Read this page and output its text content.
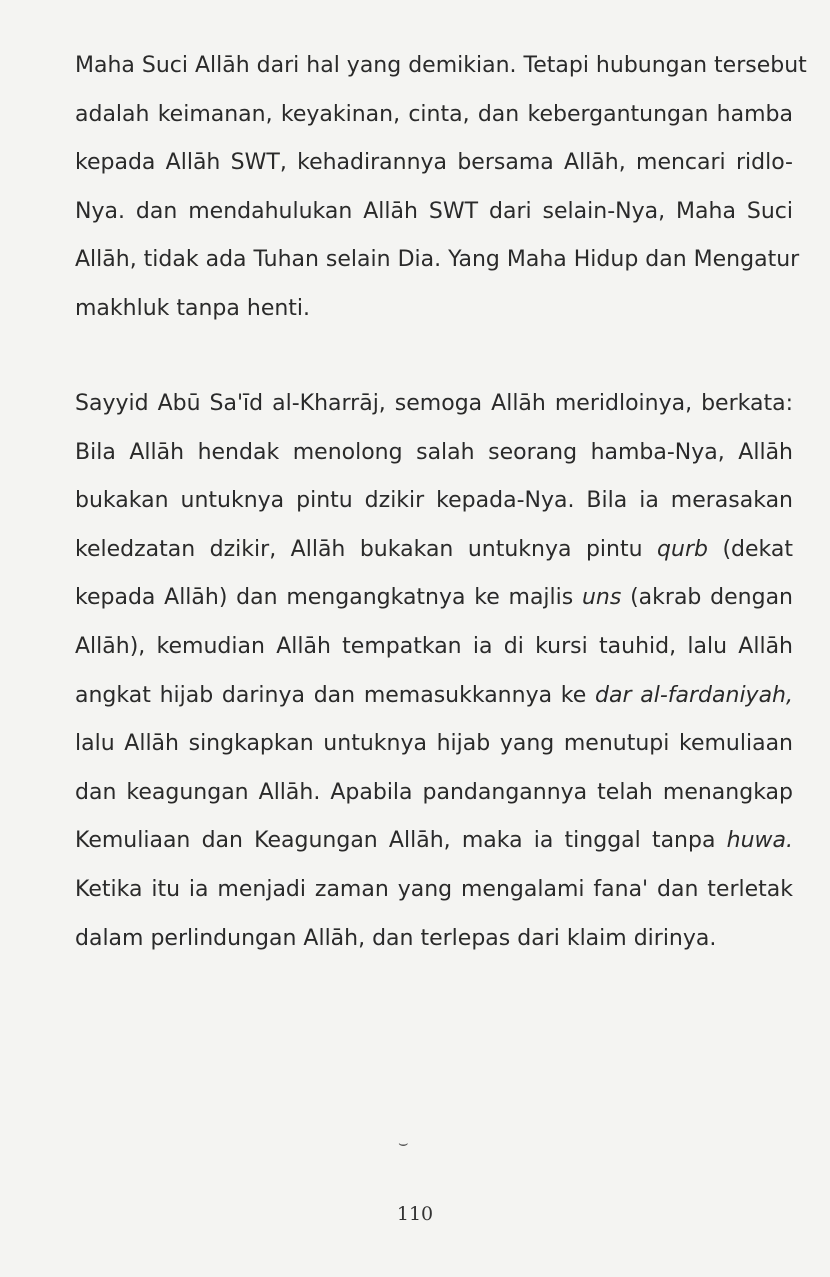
Maha Suci Allāh dari hal yang demikian. Tetapi hubungan tersebut
adalah keimanan, keyakinan, cinta, dan kebergantungan hamba
kepada Allāh SWT, kehadirannya bersama Allāh, mencari ridlo-
Nya. dan mendahulukan Allāh SWT dari selain-Nya, Maha Suci
Allāh, tidak ada Tuhan selain Dia. Yang Maha Hidup dan Mengatur
makhluk tanpa henti.
Sayyid Abū Sa'īd al-Kharrāj, semoga Allāh meridloinya, berkata:
Bila Allāh hendak menolong salah seorang hamba-Nya, Allāh
bukakan untuknya pintu dzikir kepada-Nya. Bila ia merasakan
keledzatan dzikir, Allāh bukakan untuknya pintu qurb (dekat
kepada Allāh) dan mengangkatnya ke majlis uns (akrab dengan
Allāh), kemudian Allāh tempatkan ia di kursi tauhid, lalu Allāh
angkat hijab darinya dan memasukkannya ke dar al-fardaniyah,
lalu Allāh singkapkan untuknya hijab yang menutupi kemuliaan
dan keagungan Allāh. Apabila pandangannya telah menangkap
Kemuliaan dan Keagungan Allāh, maka ia tinggal tanpa huwa.
Ketika itu ia menjadi zaman yang mengalami fana' dan terletak
dalam perlindungan Allāh, dan terlepas dari klaim dirinya.
⌣
110
